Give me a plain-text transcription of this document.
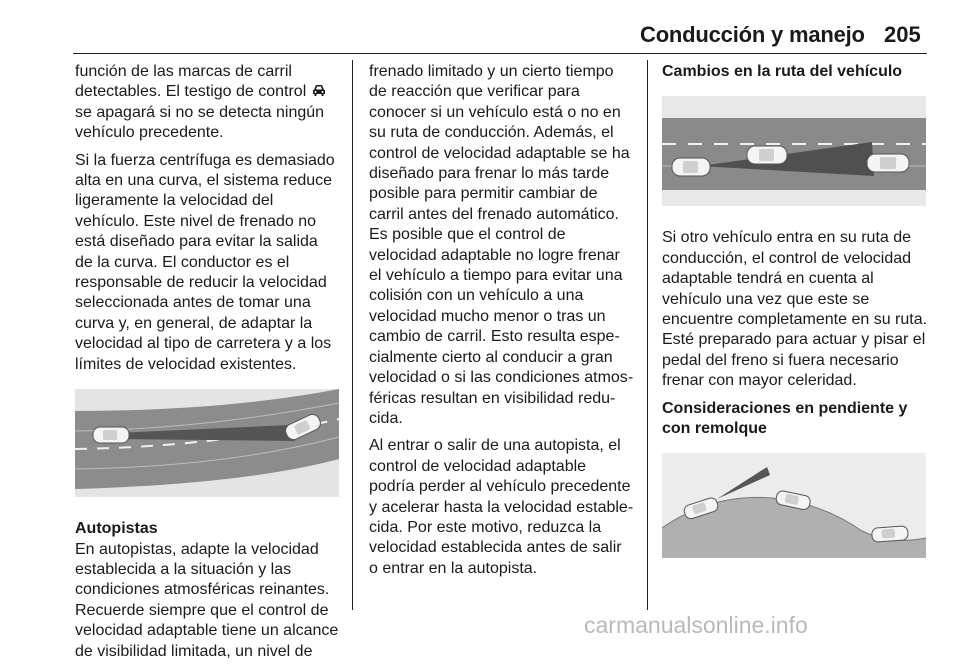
Conducción y manejo 205

función de las marcas de carril detectables. El testigo de control  se apagará si no se detecta ningún vehículo precedente.

Si la fuerza centrífuga es demasiado alta en una curva, el sistema reduce ligeramente la velocidad del vehículo. Este nivel de frenado no está diseñado para evitar la salida de la curva. El conductor es el responsable de reducir la velocidad seleccionada antes de tomar una curva y, en general, de adaptar la velocidad al tipo de carretera y a los límites de velocidad existentes.

Autopistas
En autopistas, adapte la velocidad establecida a la situación y las condiciones atmosféricas reinantes. Recuerde siempre que el control de velocidad adaptable tiene un alcance de visibilidad limitada, un nivel de

frenado limitado y un cierto tiempo de reacción que verificar para conocer si un vehículo está o no en su ruta de conducción. Además, el control de velocidad adaptable se ha diseñado para frenar lo más tarde posible para permitir cambiar de carril antes del frenado automático. Es posible que el control de velocidad adaptable no logre frenar el vehículo a tiempo para evitar una colisión con un vehículo a una velocidad mucho menor o tras un cambio de carril. Esto resulta especialmente cierto al conducir a gran velocidad o si las condiciones atmosféricas resultan en visibilidad reducida.

Al entrar o salir de una autopista, el control de velocidad adaptable podría perder al vehículo precedente y acelerar hasta la velocidad establecida. Por este motivo, reduzca la velocidad establecida antes de salir o entrar en la autopista.

Cambios en la ruta del vehículo

Si otro vehículo entra en su ruta de conducción, el control de velocidad adaptable tendrá en cuenta al vehículo una vez que este se encuentre completamente en su ruta. Esté preparado para actuar y pisar el pedal del freno si fuera necesario frenar con mayor celeridad.

Consideraciones en pendiente y con remolque

carmanualsonline.info
